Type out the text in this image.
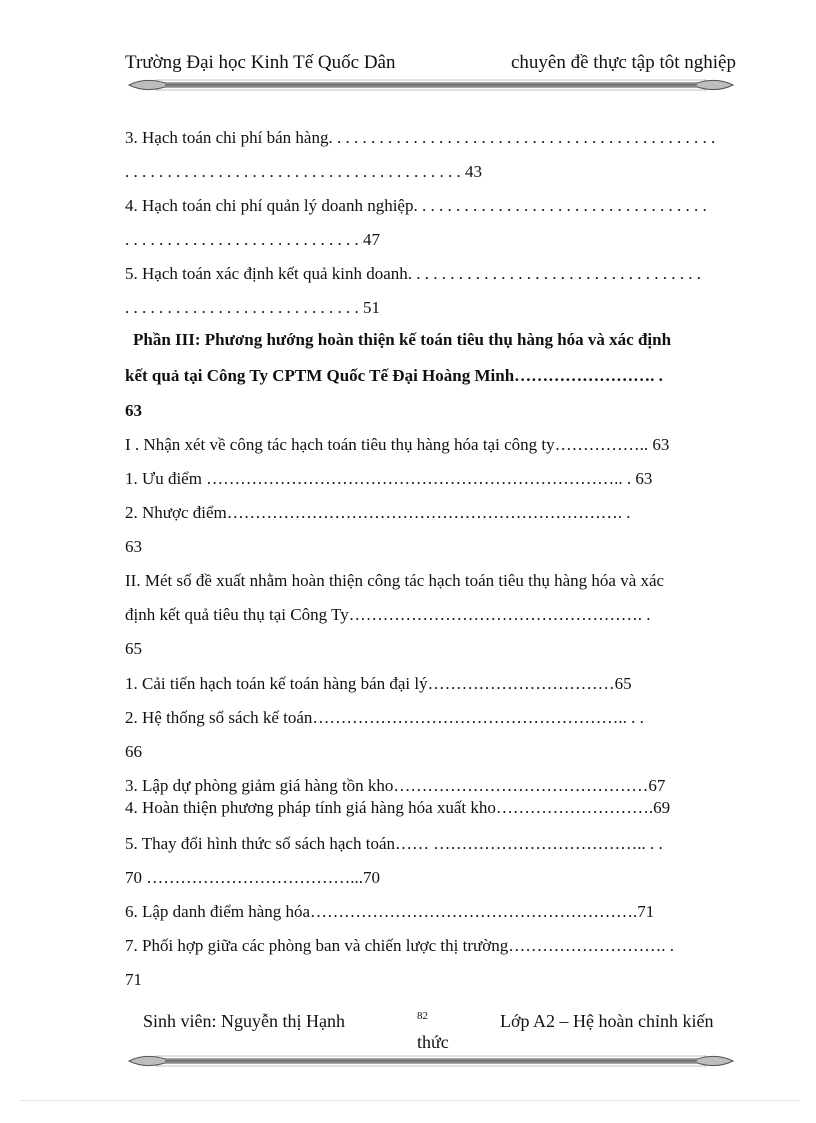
Trường Đại học Kinh Tế Quốc Dân	chuyên đề thực tập tôt nghiệp
3. Hạch toán chi phí bán hàng. . . . . . . . . . . . . . . . . . . . . . . . . . . . . . . . . . . . . . . . . . . . . .
. . . . . . . . . . . . . . . . . . . . . . . . . . . . . . . . . . . . . . . . 43
4. Hạch toán chi phí quản lý doanh nghiệp. . . . . . . . . . . . . . . . . . . . . . . . . . . . . . . . . . .
. . . . . . . . . . . . . . . . . . . . . . . . . . . . 47
5. Hạch toán xác định kết quả kinh doanh. . . . . . . . . . . . . . . . . . . . . . . . . . . . . . . . . . .
. . . . . . . . . . . . . . . . . . . . . . . . . . . . 51
Phần III: Phương hướng hoàn thiện kế toán tiêu thụ hàng hóa và xác định
kết quả tại Công Ty CPTM Quốc Tế Đại Hoàng Minh……………………. .
63
I . Nhận xét về công tác hạch toán tiêu thụ hàng hóa tại công ty…………….. 63
1. Ưu điểm ……………………………………………………………….. . 63
2. Nhược điểm……………………………………………………………. .
63
II. Mét số đề xuất nhằm hoàn thiện công tác hạch toán tiêu thụ hàng hóa và xác
định kết quả tiêu thụ tại Công Ty……………………………………………. .
65
1. Cải tiến hạch toán kế toán hàng bán đại lý……………………………65
2. Hệ thống sổ sách kế toán……………………………………………….. . .
66
3. Lập dự phòng giảm giá hàng tồn kho………………………………………67
4. Hoàn thiện phương pháp tính giá hàng hóa xuất kho……………………….69
5. Thay đổi hình thức sổ sách hạch toán…… ……………………………….. . .
70 ………………………………...70
6. Lập danh điểm hàng hóa………………………………………………….71
7. Phối hợp giữa các phòng ban và chiến lược thị trường………………………. .
71
Sinh viên: Nguyễn thị Hạnh	82	Lớp A2 – Hệ hoàn chỉnh kiến
thức
